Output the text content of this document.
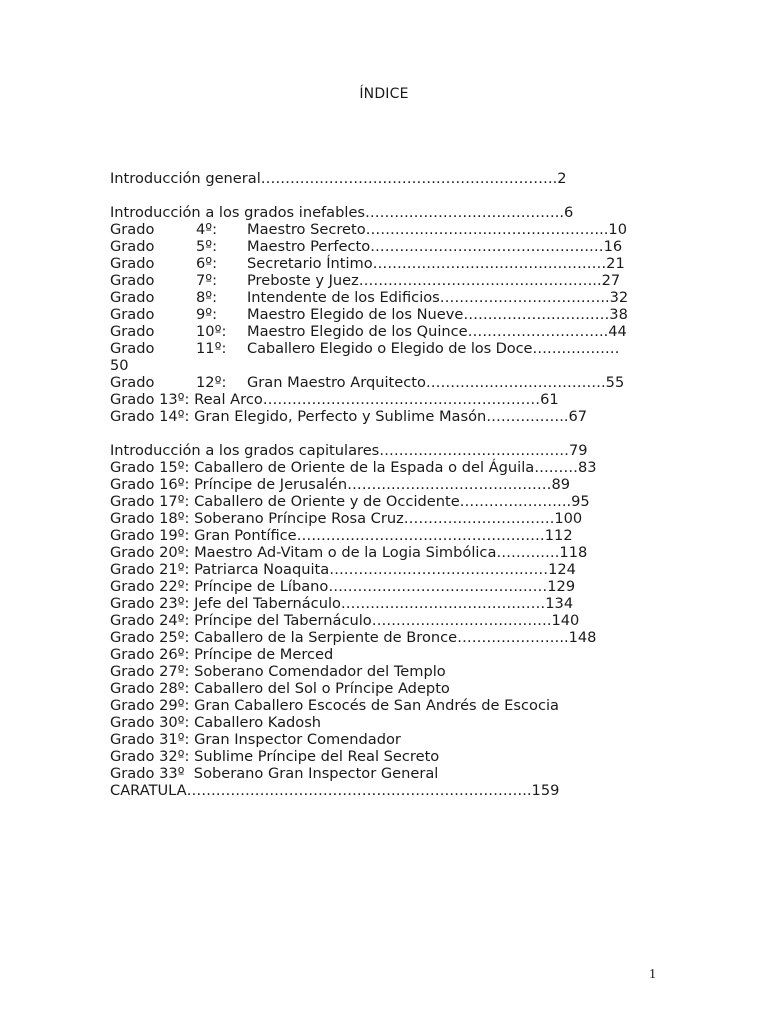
ÍNDICE
Introducción general…………………………………………………….2
Introducción a los grados inefables…………………………………..6
Grado	4º: Maestro Secreto…………………………………………..10
Grado	5º: Maestro Perfecto…………………………………………16
Grado	6º: Secretario Íntimo…………………………………………21
Grado	7º: Preboste y Juez…………………………………………..27
Grado	8º: Intendente de los Edificios……………………………..32
Grado	9º: Maestro Elegido de los Nueve…………………………38
Grado	10º: Maestro Elegido de los Quince………………………..44
Grado	11º: Caballero Elegido o Elegido de los Doce………………
50
Grado	12º: Gran Maestro Arquitecto……………………………….55
Grado 13º: Real Arco…………………………………………………61
Grado 14º: Gran Elegido, Perfecto y Sublime Masón……………..67
Introducción a los grados capitulares…………………………………79
Grado 15º: Caballero de Oriente de la Espada o del Águila………83
Grado 16º: Príncipe de Jerusalén……………………………………89
Grado 17º: Caballero de Oriente y de Occidente…………………..95
Grado 18º: Soberano Príncipe Rosa Cruz………………………….100
Grado 19º: Gran Pontífice……………………………………………112
Grado 20º: Maestro Ad-Vitam o de la Logia Simbólica………….118
Grado 21º: Patriarca Noaquita………………………………………124
Grado 22º: Príncipe de Líbano………………………………………129
Grado 23º: Jefe del Tabernáculo……………………………………134
Grado 24º: Príncipe del Tabernáculo……………………………….140
Grado 25º: Caballero de la Serpiente de Bronce…………………..148
Grado 26º: Príncipe de Merced
Grado 27º: Soberano Comendador del Templo
Grado 28º: Caballero del Sol o Príncipe Adepto
Grado 29º: Gran Caballero Escocés de San Andrés de Escocia
Grado 30º: Caballero Kadosh
Grado 31º: Gran Inspector Comendador
Grado 32º: Sublime Príncipe del Real Secreto
Grado 33º  Soberano Gran Inspector General
CARATULA……………………………………………………………..159
1
